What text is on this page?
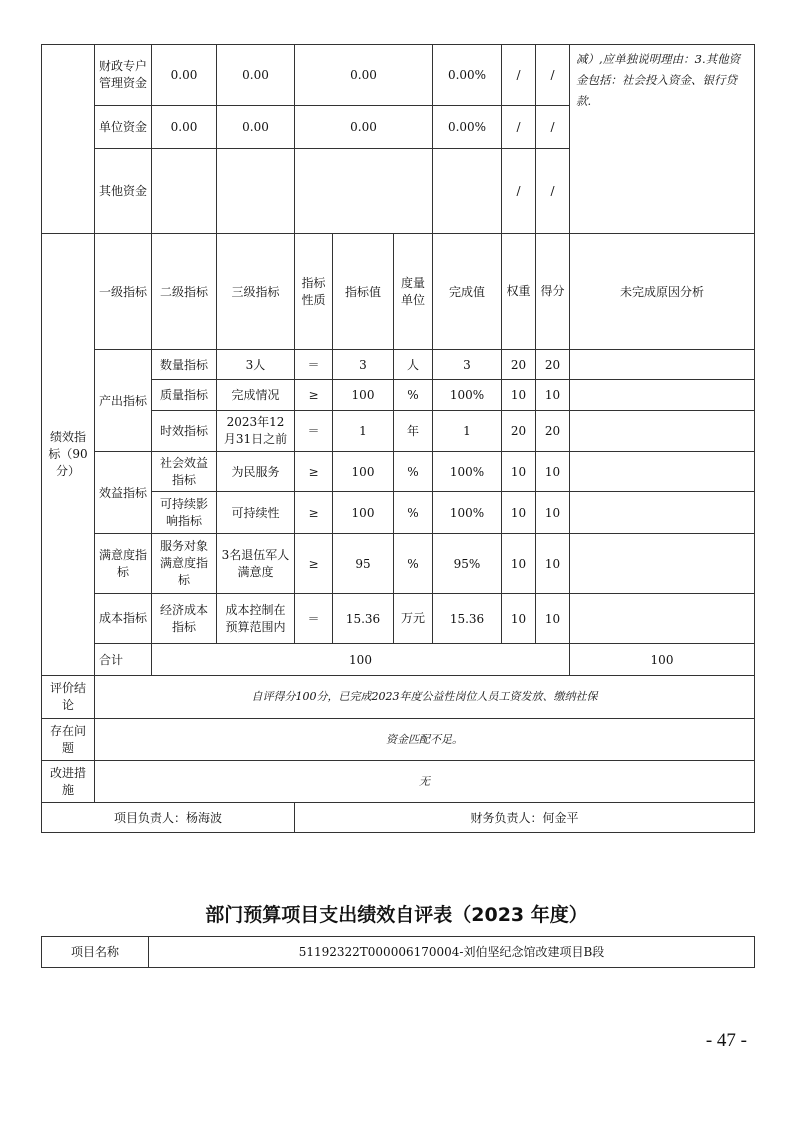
	财政专户管理资金	0.00	0.00	0.00			0.00%	/	/	减）,应单独说明理由：3.其他资金包括：社会投入资金、银行贷款.	
	单位资金	0.00	0.00	0.00			0.00%	/	/		
	其他资金							/	/		
绩效指标（90分）	一级指标	二级指标	三级指标	指标性质	指标值	度量单位	完成值	权重	得分	未完成原因分析	
	产出指标	数量指标	3人	＝	3	人	3	20	20		
		质量指标	完成情况	≥	100	%	100%	10	10		
		时效指标	2023年12月31日之前	＝	1	年	1	20	20		
	效益指标	社会效益指标	为民服务	≥	100	%	100%	10	10		
		可持续影响指标	可持续性	≥	100	%	100%	10	10		
	满意度指标	服务对象满意度指标	3名退伍军人满意度	≥	95	%	95%	10	10		
	成本指标	经济成本指标	成本控制在预算范围内	＝	15.36	万元	15.36	10	10		
	合计	100								100	
评价结论	自评得分100分，已完成2023年度公益性岗位人员工资发放、缴纳社保										
存在问题	资金匹配不足。										
改进措施	无										
项目负责人：杨海波				财务负责人：何金平							
部门预算项目支出绩效自评表（2023 年度）
项目名称	51192322T000006170004-刘伯坚纪念馆改建项目B段
- 47 -
